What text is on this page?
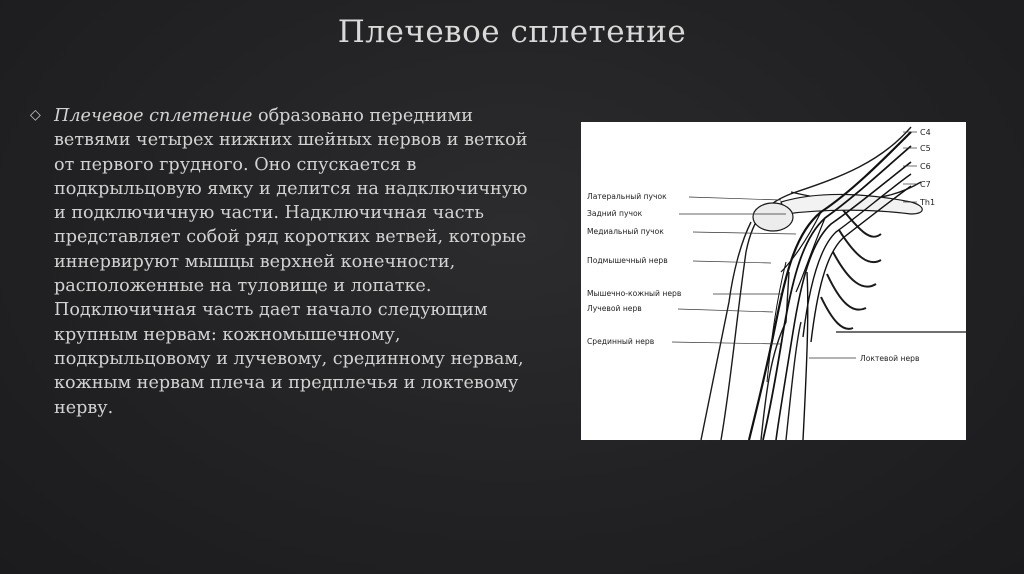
Плечевое сплетение
◇ Плечевое сплетение образовано передними ветвями четырех нижних шейных нервов и веткой от первого грудного. Оно спускается в подкрыльцовую ямку и делится на надключичную и подключичную части. Надключичная часть представляет собой ряд коротких ветвей, которые иннервируют мышцы верхней конечности, расположенные на туловище и лопатке. Подключичная часть дает начало следующим крупным нервам: кожномышечному, подкрыльцовому и лучевому, срединному нервам, кожным нервам плеча и предплечья и локтевому нерву.
Латеральный пучок
Задний пучок
Медиальный пучок
Подмышечный нерв
Мышечно-кожный нерв
Лучевой нерв
Срединный нерв
Локтевой нерв
C4
C5
C6
C7
Th1
